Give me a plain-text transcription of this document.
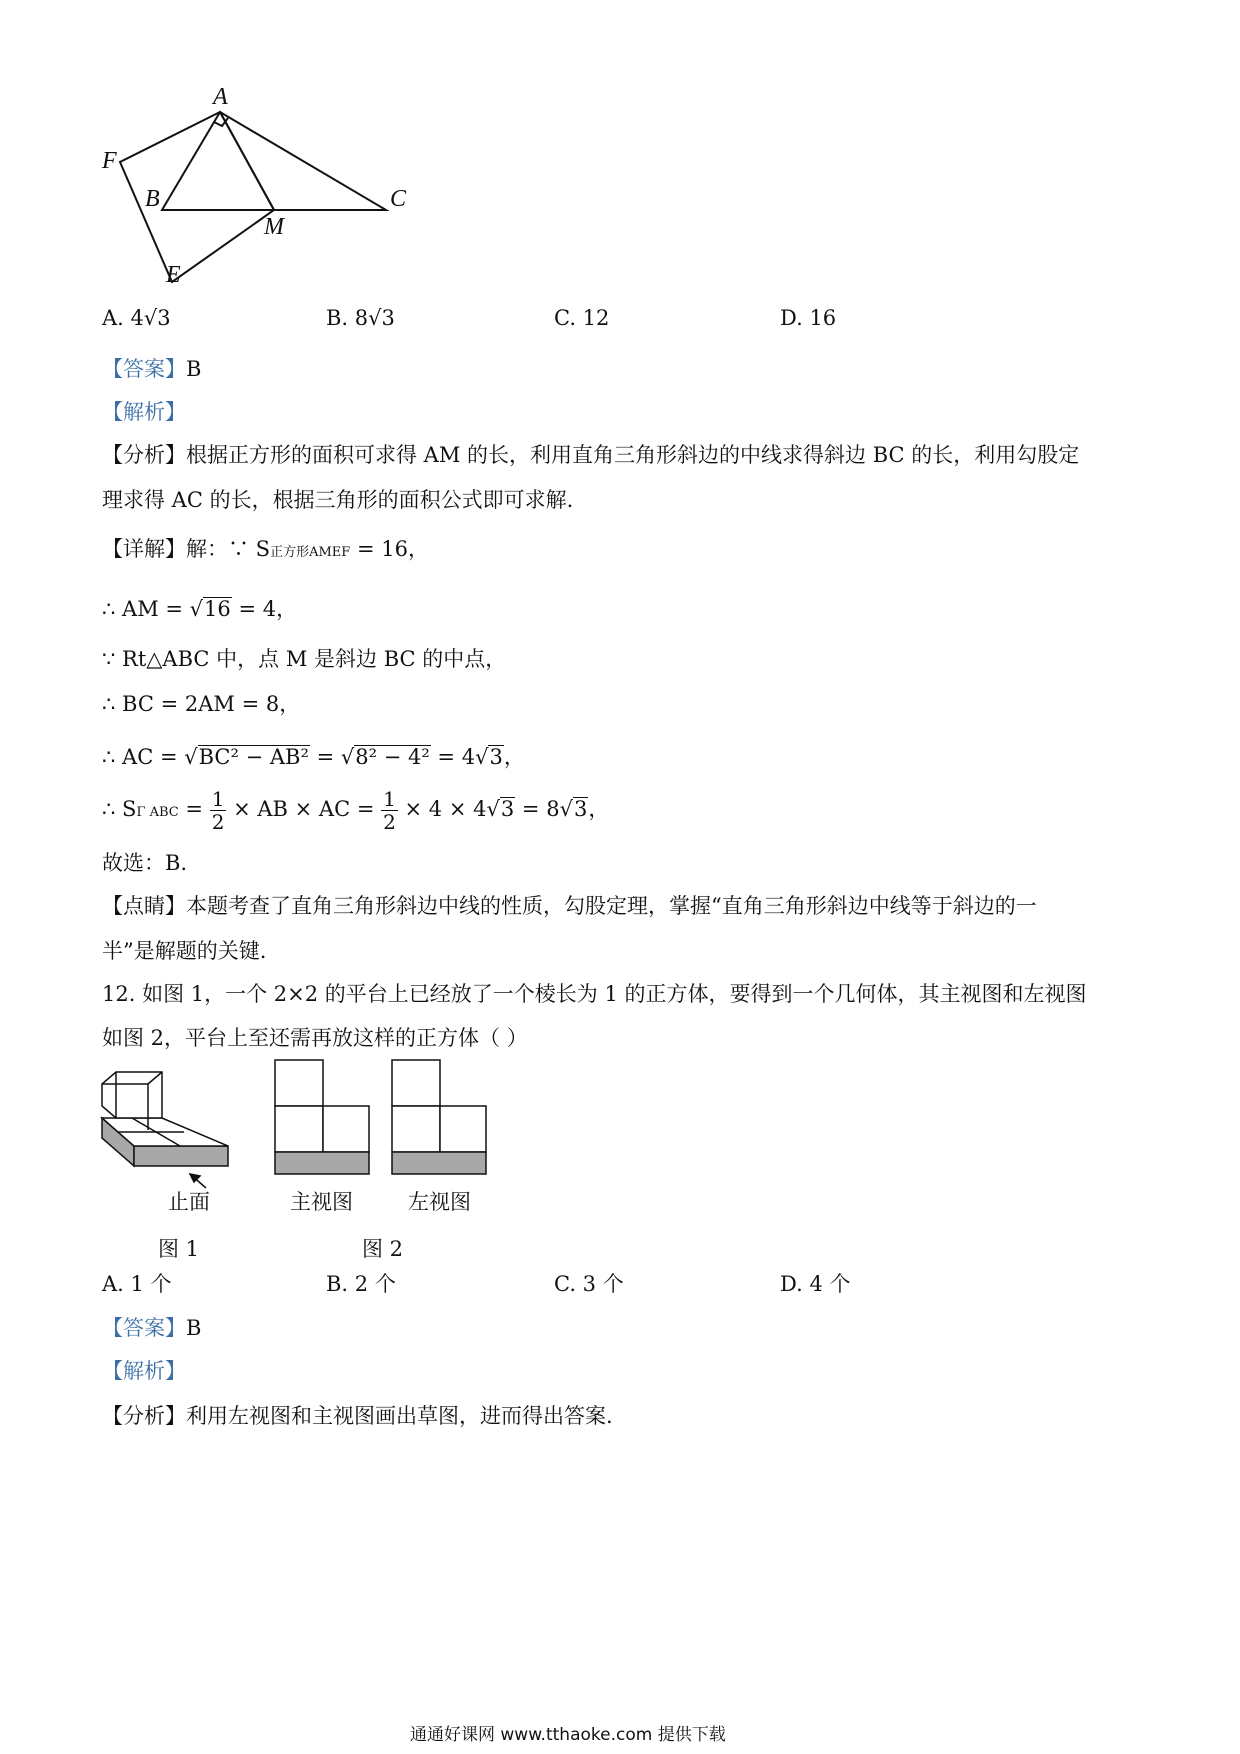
A
F
B	C
M
E
A. 4√3	B. 8√3	C. 12	D. 16
【答案】B
【解析】
【分析】根据正方形的面积可求得 AM 的长，利用直角三角形斜边的中线求得斜边 BC 的长，利用勾股定
理求得 AC 的长，根据三角形的面积公式即可求解.
【详解】解：∵ S正方形AMEF = 16，
∴ AM = √16 = 4，
∵ Rt△ABC 中，点 M 是斜边 BC 的中点，
∴ BC = 2AM = 8，
∴ AC = √BC² − AB² = √8² − 4² = 4√3，
∴ SΓ ABC = $\frac{1}{2}$ × AB × AC = $\frac{1}{2} \times 4 \times 4√3 = 8√3$，
故选：B.
【点睛】本题考查了直角三角形斜边中线的性质，勾股定理，掌握“直角三角形斜边中线等于斜边的一
半”是解题的关键.
12. 如图 1，一个 2×2 的平台上已经放了一个棱长为 1 的正方体，要得到一个几何体，其主视图和左视图
如图 2，平台上至还需再放这样的正方体（ ）
止面	主视图	左视图
图 1	图 2
A. 1 个	B. 2 个	C. 3 个	D. 4 个
【答案】B
【解析】
【分析】利用左视图和主视图画出草图，进而得出答案.
通通好课网 www.tthaoke.com 提供下载
